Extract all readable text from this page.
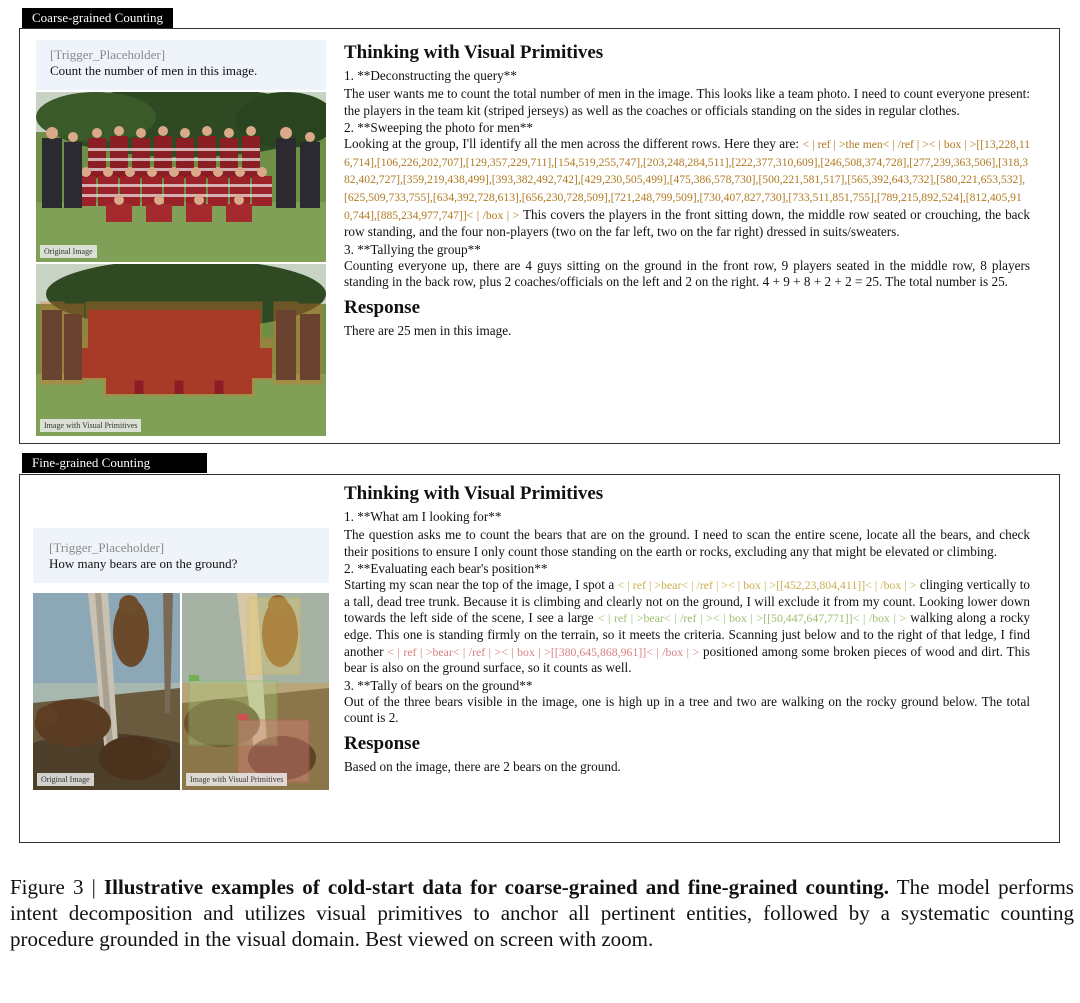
Coarse-grained Counting

[Trigger_Placeholder]

Count the number of men in this image.

Original Image
Image with Visual Primitives

Thinking with Visual Primitives

1. **Deconstructing the query**

The user wants me to count the total number of men in the image. This looks like a team photo. I need to count everyone present: the players in the team kit (striped jerseys) as well as the coaches or officials standing on the sides in regular clothes.

2. **Sweeping the photo for men**

Looking at the group, I'll identify all the men across the different rows. Here they are: < | ref | >the men< | /ref | >< | box | >[[13,228,116,714],[106,226,202,707],[129,357,229,711],[154,519,255,747],[203,248,284,511],[222,377,310,609],[246,508,374,728],[277,239,363,506],[318,382,402,727],[359,219,438,499],[393,382,492,742],[429,230,505,499],[475,386,578,730],[500,221,581,517],[565,392,643,732],[580,221,653,532],[625,509,733,755],[634,392,728,613],[656,230,728,509],[721,248,799,509],[730,407,827,730],[733,511,851,755],[789,215,892,524],[812,405,910,744],[885,234,977,747]]< | /box | > This covers the players in the front sitting down, the middle row seated or crouching, the back row standing, and the four non-players (two on the far left, two on the far right) dressed in suits/sweaters.

3. **Tallying the group**

Counting everyone up, there are 4 guys sitting on the ground in the front row, 9 players seated in the middle row, 8 players standing in the back row, plus 2 coaches/officials on the left and 2 on the right. 4 + 9 + 8 + 2 + 2 = 25. The total number is 25.

Response

There are 25 men in this image.

Fine-grained Counting

[Trigger_Placeholder]

How many bears are on the ground?

Original Image	Image with Visual Primitives

Thinking with Visual Primitives

1. **What am I looking for**

The question asks me to count the bears that are on the ground. I need to scan the entire scene, locate all the bears, and check their positions to ensure I only count those standing on the earth or rocks, excluding any that might be elevated or climbing.

2. **Evaluating each bear's position**

Starting my scan near the top of the image, I spot a < | ref | >bear< | /ref | >< | box | >[[452,23,804,411]]< | /box | > clinging vertically to a tall, dead tree trunk. Because it is climbing and clearly not on the ground, I will exclude it from my count. Looking lower down towards the left side of the scene, I see a large < | ref | >bear< | /ref | >< | box | >[[50,447,647,771]]< | /box | > walking along a rocky edge. This one is standing firmly on the terrain, so it meets the criteria. Scanning just below and to the right of that ledge, I find another < | ref | >bear< | /ref | >< | box | >[[380,645,868,961]]< | /box | > positioned among some broken pieces of wood and dirt. This bear is also on the ground surface, so it counts as well.

3. **Tally of bears on the ground**

Out of the three bears visible in the image, one is high up in a tree and two are walking on the rocky ground below. The total count is 2.

Response

Based on the image, there are 2 bears on the ground.

Figure 3 | Illustrative examples of cold-start data for coarse-grained and fine-grained counting. The model performs intent decomposition and utilizes visual primitives to anchor all pertinent entities, followed by a systematic counting procedure grounded in the visual domain. Best viewed on screen with zoom.
